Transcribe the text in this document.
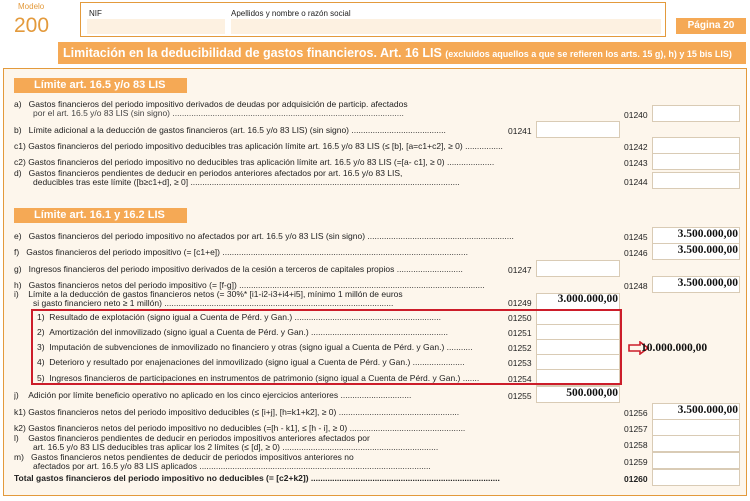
Modelo
200
NIF	Apellidos y nombre o razón social
Página 20
Limitación en la deducibilidad de gastos financieros. Art. 16 LIS (excluidos aquellos a que se refieren los arts. 15 g), h) y 15 bis LIS)
Límite art. 16.5 y/o 83 LIS
a) Gastos financieros del periodo impositivo derivados de deudas por adquisición de particip. afectados
por el art. 16.5 y/o 83 LIS (sin signo) ..................................................................................................	01240
b) Límite adicional a la deducción de gastos financieros (art. 16.5 y/o 83 LIS) (sin signo) ........................................	01241
c1) Gastos financieros del periodo impositivo deducibles tras aplicación límite art. 16.5 y/o 83 LIS (≤ [b], [a=c1+c2], ≥ 0) ................	01242
c2) Gastos financieros del periodo impositivo no deducibles tras aplicación límite art. 16.5 y/o 83 LIS (=[a- c1], ≥ 0) ....................	01243
d) Gastos financieros pendientes de deducir en periodos anteriores afectados por art. 16.5 y/o 83 LIS,
deducibles tras este límite ([b≥c1+d], ≥ 0] ..................................................................................................................	01244
Límite art. 16.1 y 16.2 LIS
e) Gastos financieros del periodo impositivo no afectados por art. 16.5 y/o 83 LIS (sin signo) ..............................................................	01245	3.500.000,00
f) Gastos financieros del periodo impositivo (= [c1+e]) ........................................................................................................	01246	3.500.000,00
g) Ingresos financieros del periodo impositivo derivados de la cesión a terceros de capitales propios ............................	01247
h) Gastos financieros netos del periodo impositivo (= [f-g]) ........................................................................................................	01248	3.500.000,00
i) Límite a la deducción de gastos financieros netos (= 30%* [i1-i2-i3+i4+i5], mínimo 1 millón de euros
si gasto financiero neto ≥ 1 millón) .................................................................................................	01249	3.000.000,00
1) Resultado de explotación (signo igual a Cuenta de Pérd. y Gan.) ..............................................................	01250
2) Amortización del inmovilizado (signo igual a Cuenta de Pérd. y Gan.) ..........................................................	01251
3) Imputación de subvenciones de inmovilizado no financiero y otras (signo igual a Cuenta de Pérd. y Gan.) ...........	01252
4) Deterioro y resultado por enajenaciones del inmovilizado (signo igual a Cuenta de Pérd. y Gan.) ......................	01253
5) Ingresos financieros de participaciones en instrumentos de patrimonio (signo igual a Cuenta de Pérd. y Gan.) .......	01254
10.000.000,00
j) Adición por límite beneficio operativo no aplicado en los cinco ejercicios anteriores ..............................	01255	500.000,00
k1) Gastos financieros netos del periodo impositivo deducibles (≤ [i+j], [h=k1+k2], ≥ 0) ...................................................	01256	3.500.000,00
k2) Gastos financieros netos del periodo impositivo no deducibles (=[h - k1], ≤ [h - i], ≥ 0) .................................................	01257
l) Gastos financieros pendientes de deducir en periodos impositivos anteriores afectados por
art. 16.5 y/o 83 LIS deducibles tras aplicar los 2 límites (≤ [d], ≥ 0) ..................................................................	01258
m) Gastos financieros netos pendientes de deducir de periodos impositivos anteriores no
afectados por art. 16.5 y/o 83 LIS aplicados ..................................................................................................	01259
Total gastos financieros del periodo impositivo no deducibles (= [c2+k2]) ................................................................................	01260
